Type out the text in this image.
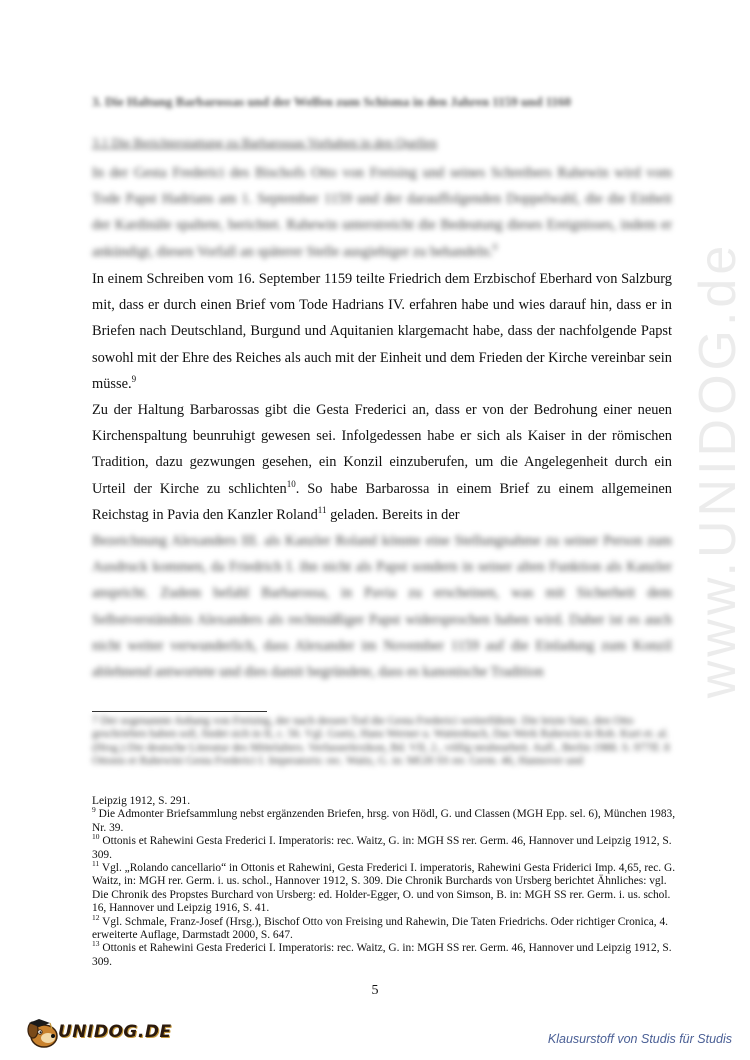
www.UNIDOG.de
3. Die Haltung Barbarossas und der Welfen zum Schisma in den Jahren 1159 und 1160
3.1 Die Berichterstattung zu Barbarossas Vorhaben in den Quellen
In der Gesta Frederici des Bischofs Otto von Freising und seines Schreibers Rahewin wird vom Tode Papst Hadrians am 1. September 1159 und der darauffolgenden Doppelwahl, die die Einheit der Kardinäle spaltete, berichtet. Rahewin unterstreicht die Bedeutung dieses Ereignisses, indem er ankündigt, diesen Vorfall an späterer Stelle ausgiebiger zu behandeln.$^8$
In einem Schreiben vom 16. September 1159 teilte Friedrich dem Erzbischof Eberhard von Salzburg mit, dass er durch einen Brief vom Tode Hadrians IV. erfahren habe und wies darauf hin, dass er in Briefen nach Deutschland, Burgund und Aquitanien klargemacht habe, dass der nachfolgende Papst sowohl mit der Ehre des Reiches als auch mit der Einheit und dem Frieden der Kirche vereinbar sein müsse.$^9$
Zu der Haltung Barbarossas gibt die Gesta Frederici an, dass er von der Bedrohung einer neuen Kirchenspaltung beunruhigt gewesen sei. Infolgedessen habe er sich als Kaiser in der römischen Tradition, dazu gezwungen gesehen, ein Konzil einzuberufen, um die Angelegenheit durch ein Urteil der Kirche zu schlichten$^{10}$. So habe Barbarossa in einem Brief zu einem allgemeinen Reichstag in Pavia den Kanzler Roland$^{11}$ geladen. Bereits in der
Bezeichnung Alexanders III. als Kanzler Roland könnte eine Stellungnahme zu seiner Person zum Ausdruck kommen, da Friedrich I. ihn nicht als Papst sondern in seiner alten Funktion als Kanzler anspricht. Zudem befahl Barbarossa, in Pavia zu erscheinen, was mit Sicherheit dem Selbstverständnis Alexanders als rechtmäßiger Papst widersprochen haben wird. Daher ist es auch nicht weiter verwunderlich, dass Alexander im November 1159 auf die Einladung zum Konzil ablehnend antwortete und dies damit begründete, dass es kanonische Tradition
7 Der sogenannte Anhang von Freising, der nach dessen Tod die Gesta Frederici weiterführte. Die letzte Satz, den Otto geschrieben haben soll, findet sich in II, c. 56. Vgl. Goetz, Hans Werner u. Wattenbach, Das Werk Rahewin in Rob. Kurt et. al. (Hrsg.) Die deutsche Literatur des Mittelalters. Verfasserlexikon, Bd. VII, 2., völlig neubearbeit. Aufl., Berlin 1988. S. 977ff. 8 Ottonis et Rahewini Gesta Frederici I. Imperatoris: rec. Waitz, G. in: MGH SS rer. Germ. 46, Hannover und

Leipzig 1912, S. 291.

$^9$ Die Admonter Briefsammlung nebst ergänzenden Briefen, hrsg. von Hödl, G. und Classen (MGH Epp. sel. 6), München 1983, Nr. 39.

$^{10}$ Ottonis et Rahewini Gesta Frederici I. Imperatoris: rec. Waitz, G. in: MGH SS rer. Germ. 46, Hannover und Leipzig 1912, S. 309.

$^{11}$ Vgl. „Rolando cancellario“ in Ottonis et Rahewini, Gesta Frederici I. imperatoris, Rahewini Gesta Friderici Imp. 4,65, rec. G. Waitz, in: MGH rer. Germ. i. us. schol., Hannover 1912, S. 309. Die Chronik Burchards von Ursberg berichtet Ähnliches: vgl. Die Chronik des Propstes Burchard von Ursberg: ed. Holder-Egger, O. und von Simson, B. in: MGH SS rer. Germ. i. us. schol. 16, Hannover und Leipzig 1916, S. 41.

$^{12}$ Vgl. Schmale, Franz-Josef (Hrsg.), Bischof Otto von Freising und Rahewin, Die Taten Friedrichs. Oder richtiger Cronica, 4. erweiterte Auflage, Darmstadt 2000, S. 647.

$^{13}$ Ottonis et Rahewini Gesta Frederici I. Imperatoris: rec. Waitz, G. in: MGH SS rer. Germ. 46, Hannover und Leipzig 1912, S. 309.

5
UNIDOG.DE	Klausurstoff von Studis für Studis
